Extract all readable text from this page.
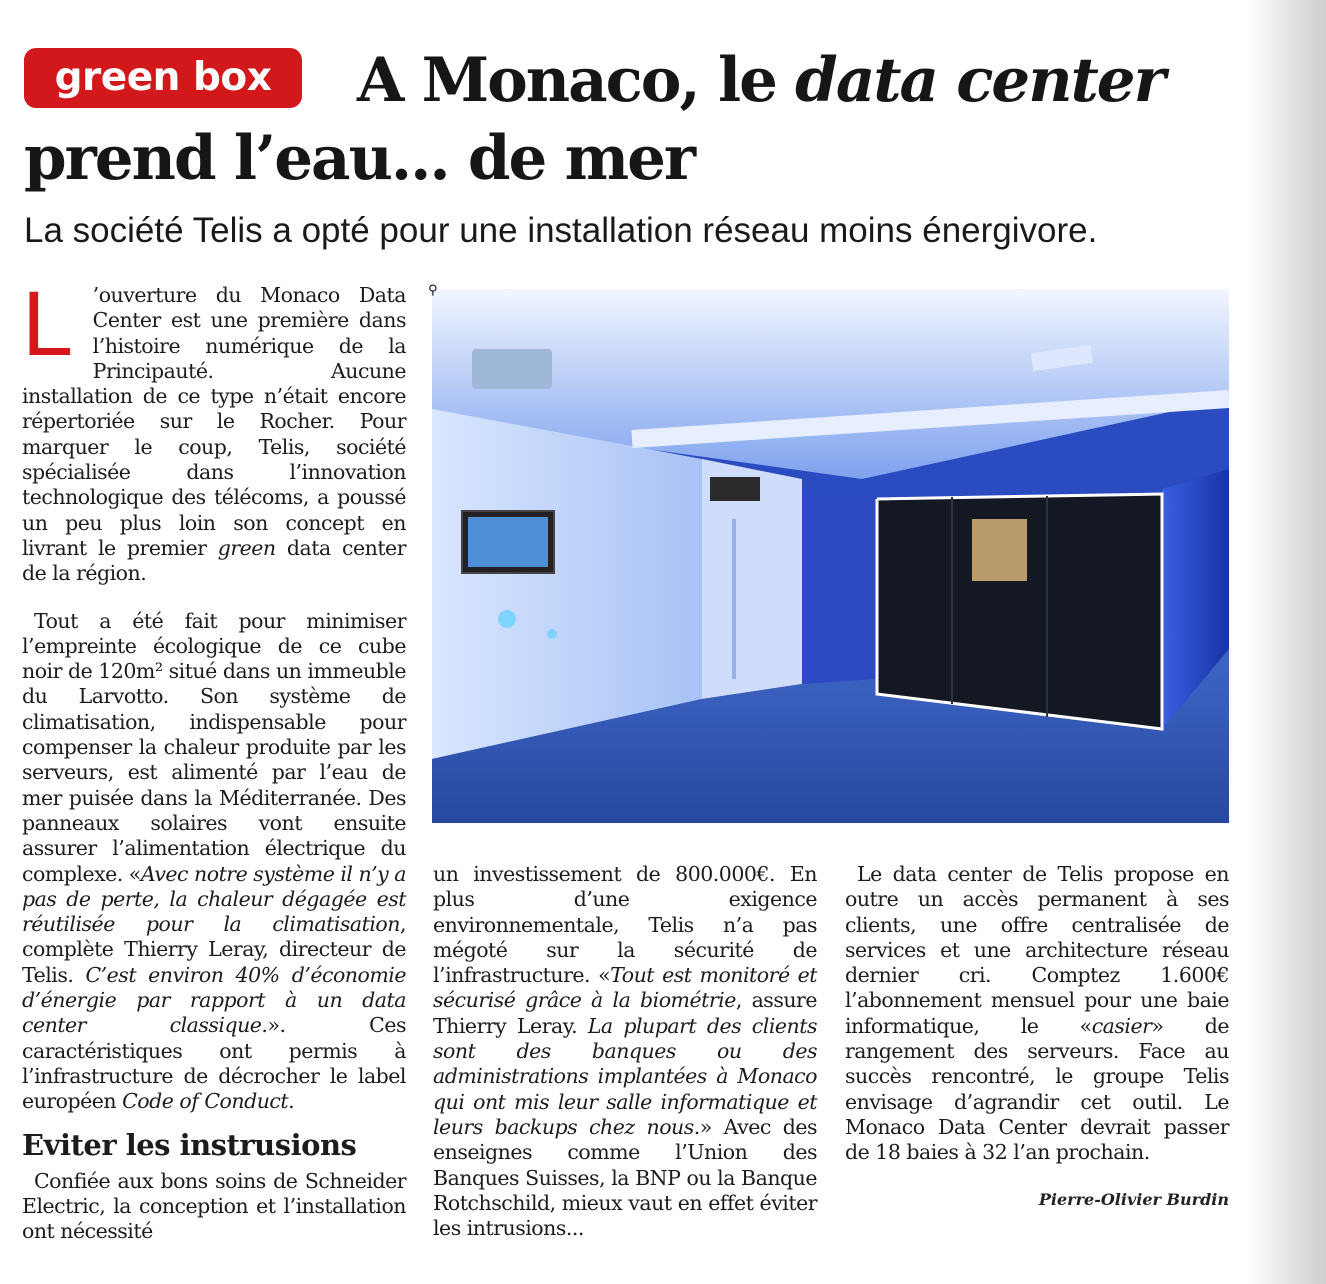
green box	A Monaco, le data center
prend l’eau... de mer

La société Telis a opté pour une installation réseau moins énergivore.

L ’ouverture du Monaco Data Center est une première dans l’histoire numérique de la Principauté. Aucune installation de ce type n’était encore répertoriée sur le Rocher. Pour marquer le coup, Telis, société spécialisée dans l’innovation technologique des télécoms, a poussé un peu plus loin son concept en livrant le premier green data center de la région.

Tout a été fait pour minimiser l’empreinte écologique de ce cube noir de 120m² situé dans un immeuble du Larvotto. Son système de climatisation, indispensable pour compenser la chaleur produite par les serveurs, est alimenté par l’eau de mer puisée dans la Méditerranée. Des panneaux solaires vont ensuite assurer l’alimentation électrique du complexe. «Avec notre système il n’y a pas de perte, la chaleur dégagée est réutilisée pour la climatisation, complète Thierry Leray, directeur de Telis. C’est environ 40% d’économie d’énergie par rapport à un data center classique.». Ces caractéristiques ont permis à l’infrastructure de décrocher le label européen Code of Conduct.

Eviter les instrusions

Confiée aux bons soins de Schneider Electric, la conception et l’installation ont nécessité

un investissement de 800.000€. En plus d’une exigence environnementale, Telis n’a pas mégoté sur la sécurité de l’infrastructure. «Tout est monitoré et sécurisé grâce à la biométrie, assure Thierry Leray. La plupart des clients sont des banques ou des administrations implantées à Monaco qui ont mis leur salle informatique et leurs backups chez nous.» Avec des enseignes comme l’Union des Banques Suisses, la BNP ou la Banque Rotchschild, mieux vaut en effet éviter les intrusions...

Le data center de Telis propose en outre un accès permanent à ses clients, une offre centralisée de services et une architecture réseau dernier cri. Comptez 1.600€ l’abonnement mensuel pour une baie informatique, le «casier» de rangement des serveurs. Face au succès rencontré, le groupe Telis envisage d’agrandir cet outil. Le Monaco Data Center devrait passer de 18 baies à 32 l’an prochain.

Pierre-Olivier Burdin
⚲
